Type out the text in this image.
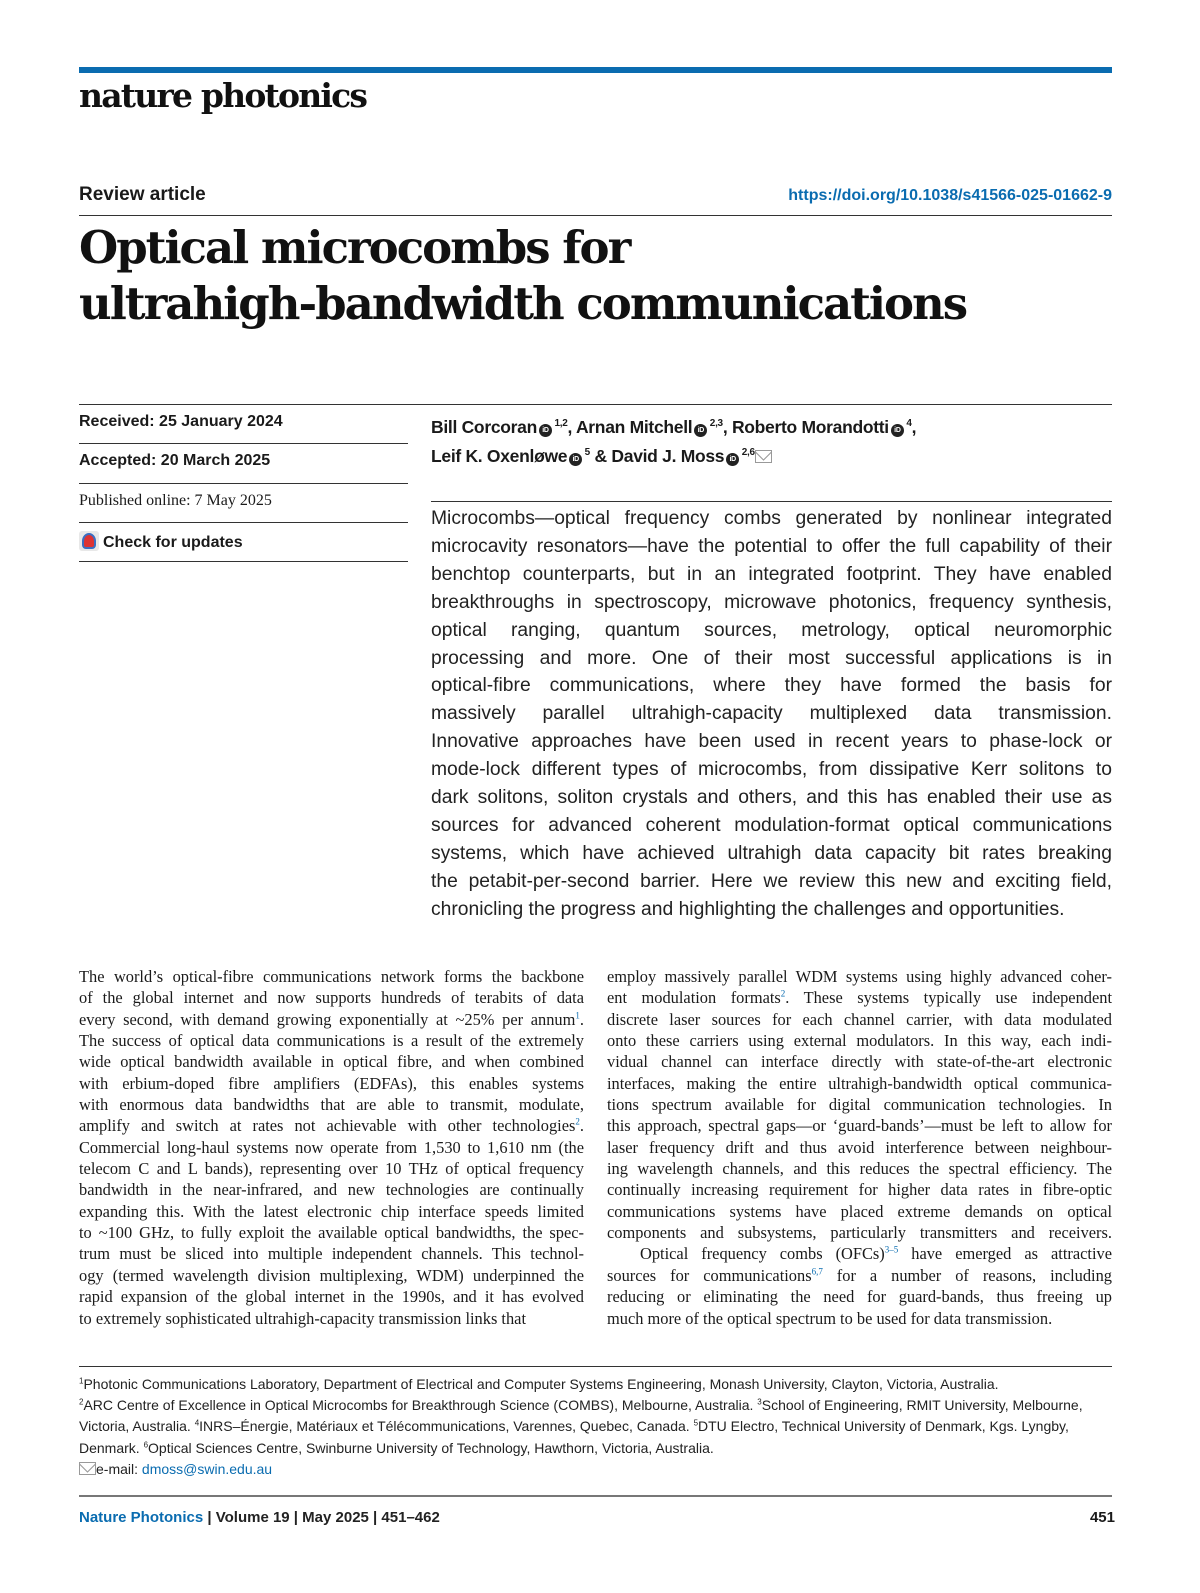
nature photonics
Review article	https://doi.org/10.1038/s41566-025-01662-9
Optical microcombs for
ultrahigh-bandwidth communications
Received: 25 January 2024
Accepted: 20 March 2025
Published online: 7 May 2025
Check for updates
Bill Corcoran iD $^{1,2}$, Arnan Mitchell iD $^{2,3}$, Roberto Morandotti iD $^4$,
Leif K. Oxenløwe iD $^5$ & David J. Moss iD $^{2,6}$
Microcombs—optical frequency combs generated by nonlinear integrated
microcavity resonators—have the potential to offer the full capability of their
benchtop counterparts, but in an integrated footprint. They have enabled
breakthroughs in spectroscopy, microwave photonics, frequency synthesis,
optical ranging, quantum sources, metrology, optical neuromorphic
processing and more. One of their most successful applications is in
optical-fibre communications, where they have formed the basis for
massively parallel ultrahigh-capacity multiplexed data transmission.
Innovative approaches have been used in recent years to phase-lock or
mode-lock different types of microcombs, from dissipative Kerr solitons to
dark solitons, soliton crystals and others, and this has enabled their use as
sources for advanced coherent modulation-format optical communications
systems, which have achieved ultrahigh data capacity bit rates breaking
the petabit-per-second barrier. Here we review this new and exciting field,
chronicling the progress and highlighting the challenges and opportunities.
The world’s optical-fibre communications network forms the backbone
of the global internet and now supports hundreds of terabits of data
every second, with demand growing exponentially at ~25% per annum$^1$.
The success of optical data communications is a result of the extremely
wide optical bandwidth available in optical fibre, and when combined
with erbium-doped fibre amplifiers (EDFAs), this enables systems
with enormous data bandwidths that are able to transmit, modulate,
amplify and switch at rates not achievable with other technologies$^2$.
Commercial long-haul systems now operate from 1,530 to 1,610 nm (the
telecom C and L bands), representing over 10 THz of optical frequency
bandwidth in the near-infrared, and new technologies are continually
expanding this. With the latest electronic chip interface speeds limited
to ~100 GHz, to fully exploit the available optical bandwidths, the spec-
trum must be sliced into multiple independent channels. This technol-
ogy (termed wavelength division multiplexing, WDM) underpinned the
rapid expansion of the global internet in the 1990s, and it has evolved
to extremely sophisticated ultrahigh-capacity transmission links that
employ massively parallel WDM systems using highly advanced coher-
ent modulation formats$^2$. These systems typically use independent
discrete laser sources for each channel carrier, with data modulated
onto these carriers using external modulators. In this way, each indi-
vidual channel can interface directly with state-of-the-art electronic
interfaces, making the entire ultrahigh-bandwidth optical communica-
tions spectrum available for digital communication technologies. In
this approach, spectral gaps—or ‘guard-bands’—must be left to allow for
laser frequency drift and thus avoid interference between neighbour-
ing wavelength channels, and this reduces the spectral efficiency. The
continually increasing requirement for higher data rates in fibre-optic
communications systems have placed extreme demands on optical
components and subsystems, particularly transmitters and receivers.
Optical frequency combs (OFCs)$^{3-5}$ have emerged as attractive
sources for communications$^{6,7}$ for a number of reasons, including
reducing or eliminating the need for guard-bands, thus freeing up
much more of the optical spectrum to be used for data transmission.
$^1$Photonic Communications Laboratory, Department of Electrical and Computer Systems Engineering, Monash University, Clayton, Victoria, Australia.
$^2$ARC Centre of Excellence in Optical Microcombs for Breakthrough Science (COMBS), Melbourne, Australia. $^3$School of Engineering, RMIT University, Melbourne, Victoria, Australia. $^4$INRS–Énergie, Matériaux et Télécommunications, Varennes, Quebec, Canada. $^5$DTU Electro, Technical University of Denmark, Kgs. Lyngby, Denmark. $^6$Optical Sciences Centre, Swinburne University of Technology, Hawthorn, Victoria, Australia.
e-mail: dmoss@swin.edu.au
Nature Photonics | Volume 19 | May 2025 | 451–462	451
